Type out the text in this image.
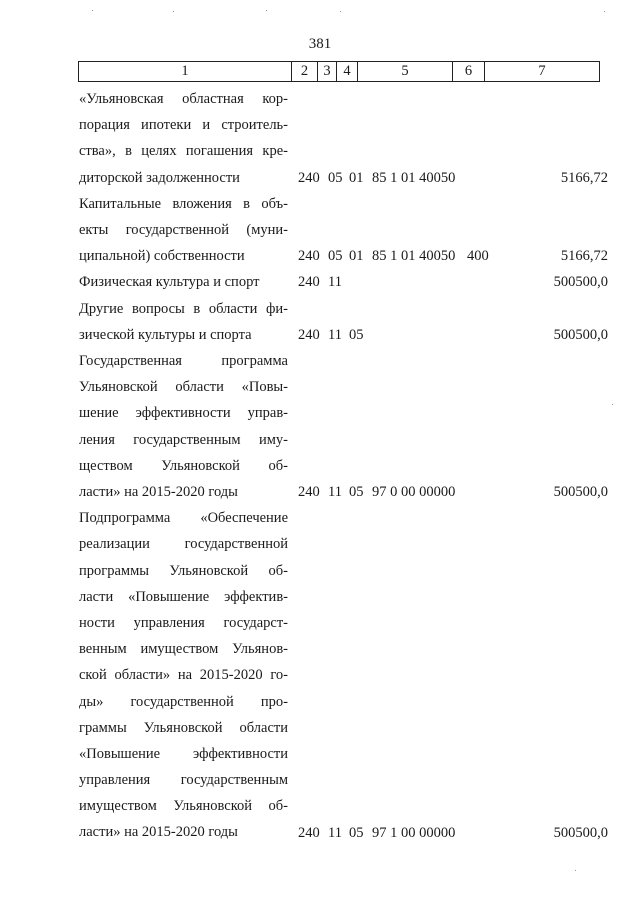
381
1	2	3	4	5	6	7
«Ульяновская областная кор-
порация ипотеки и строитель-
ства», в целях погашения кре-
диторской задолженности	240 05 01 85 1 01 40050	5166,72
Капитальные вложения в объ-
екты государственной (муни-
ципальной) собственности	240 05 01 85 1 01 40050 400	5166,72
Физическая культура и спорт	240 11	500500,0
Другие вопросы в области фи-
зической культуры и спорта	240 11 05	500500,0
Государственная программа
Ульяновской области «Повы-
шение эффективности управ-
ления государственным иму-
ществом Ульяновской об-
ласти» на 2015-2020 годы	240 11 05 97 0 00 00000	500500,0
Подпрограмма «Обеспечение
реализации государственной
программы Ульяновской об-
ласти «Повышение эффектив-
ности управления государст-
венным имуществом Ульянов-
ской области» на 2015-2020 го-
ды» государственной про-
граммы Ульяновской области
«Повышение эффективности
управления государственным
имуществом Ульяновской об-
ласти» на 2015-2020 годы	240 11 05 97 1 00 00000	500500,0
